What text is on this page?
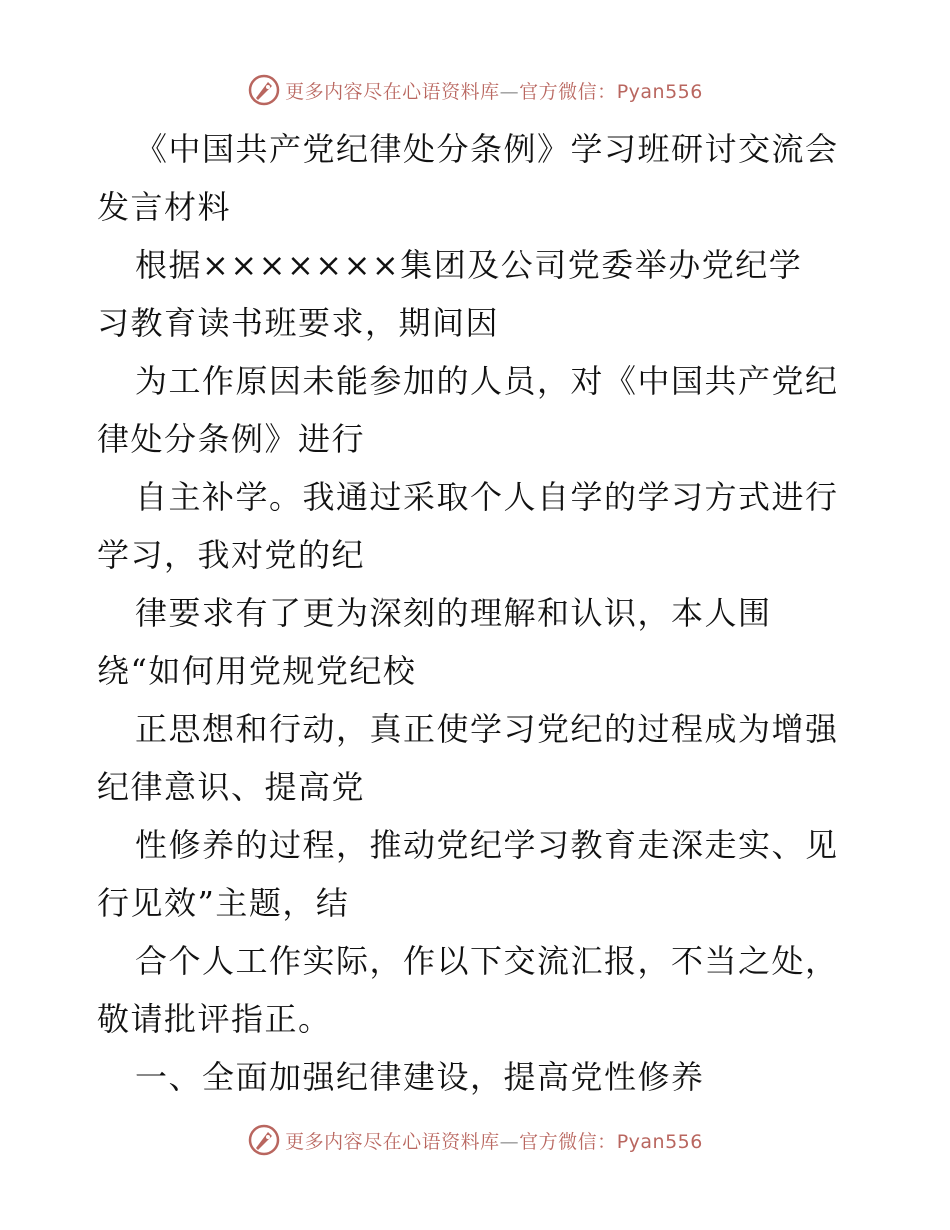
更多内容尽在心语资料库—官方微信：Pyan556
《中国共产党纪律处分条例》学习班研讨交流会
发言材料
根据×××××××集团及公司党委举办党纪学
习教育读书班要求，期间因
为工作原因未能参加的人员，对《中国共产党纪
律处分条例》进行
自主补学。我通过采取个人自学的学习方式进行
学习，我对党的纪
律要求有了更为深刻的理解和认识，本人围
绕“如何用党规党纪校
正思想和行动，真正使学习党纪的过程成为增强
纪律意识、提高党
性修养的过程，推动党纪学习教育走深走实、见
行见效”主题，结
合个人工作实际，作以下交流汇报，不当之处，
敬请批评指正。
一、全面加强纪律建设，提高党性修养
更多内容尽在心语资料库—官方微信：Pyan556
